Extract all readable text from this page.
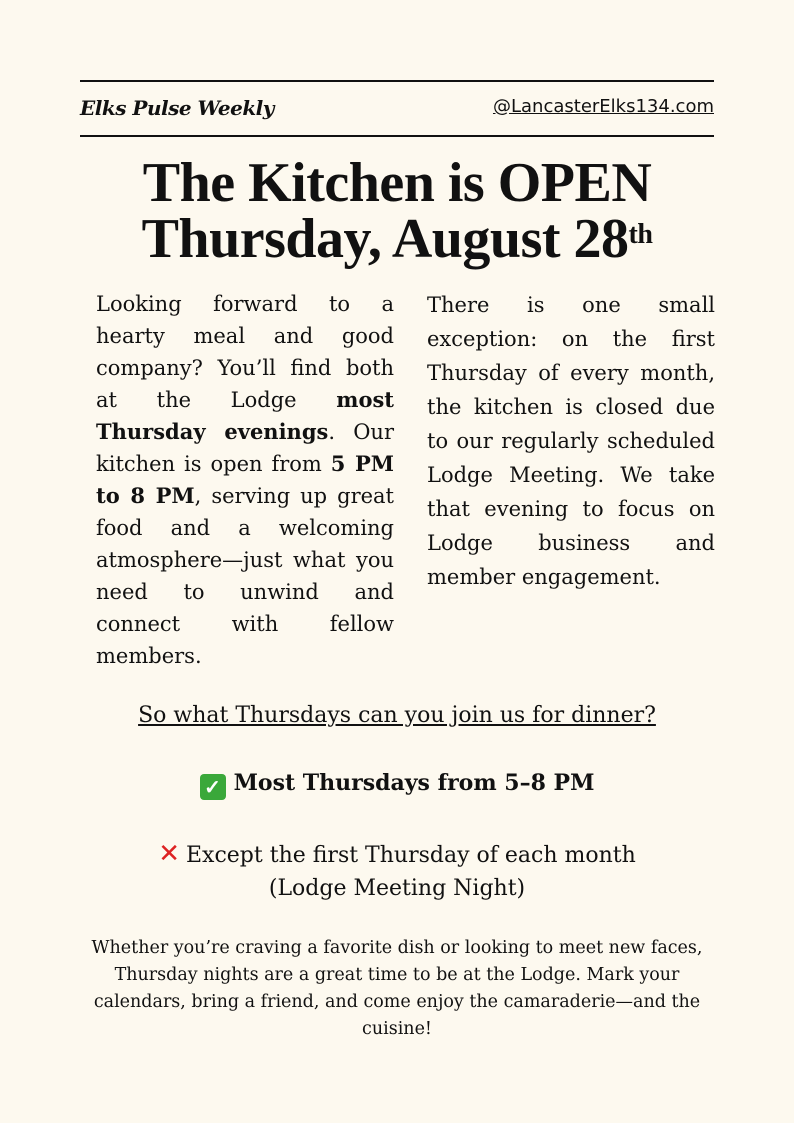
Elks Pulse Weekly	@LancasterElks134.com
The Kitchen is OPEN
Thursday, August 28th
Looking forward to a hearty meal and good company? You’ll find both at the Lodge most Thursday evenings. Our kitchen is open from 5 PM to 8 PM, serving up great food and a welcoming atmosphere—just what you need to unwind and connect with fellow members.
There is one small exception: on the first Thursday of every month, the kitchen is closed due to our regularly scheduled Lodge Meeting. We take that evening to focus on Lodge business and member engagement.
So what Thursdays can you join us for dinner?
✓ Most Thursdays from 5–8 PM
✕ Except the first Thursday of each month
(Lodge Meeting Night)
Whether you’re craving a favorite dish or looking to meet new faces, Thursday nights are a great time to be at the Lodge. Mark your calendars, bring a friend, and come enjoy the camaraderie—and the cuisine!
